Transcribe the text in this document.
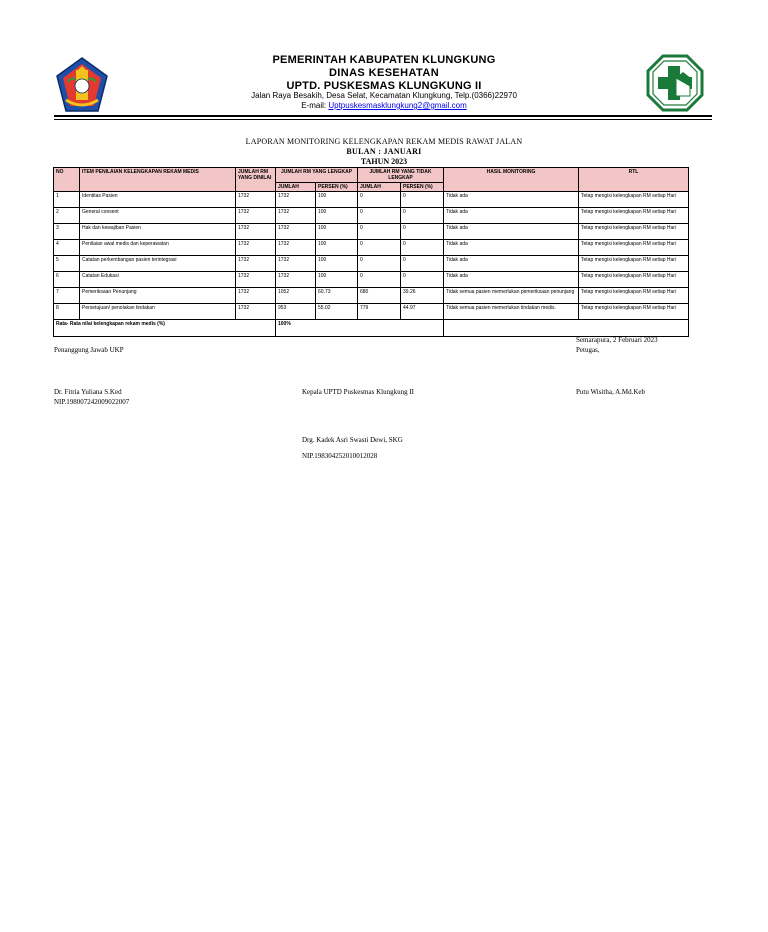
PEMERINTAH KABUPATEN KLUNGKUNG
DINAS KESEHATAN
UPTD. PUSKESMAS KLUNGKUNG II
Jalan Raya Besakih, Desa Selat, Kecamatan Klungkung, Telp.(0366)22970
E-mail: Uptpuskesmasklungkung2@gmail.com
LAPORAN MONITORING KELENGKAPAN REKAM MEDIS RAWAT JALAN
BULAN : JANUARI
TAHUN 2023
NO	ITEM PENILAIAN KELENGKAPAN REKAM MEDIS	JUMLAH RM YANG DINILAI	JUMLAH RM YANG LENGKAP		JUMLAH RM YANG TIDAK LENGKAP		HASIL MONITORING	RTL
			JUMLAH	PERSEN (%)	JUMLAH	PERSEN (%)		
1	Identitas Pasien	1732	1732	100	0	0	Tidak ada	Tetap mengisi kelengkapan RM setiap Hari
2	General consent	1732	1732	100	0	0	Tidak ada	Tetap mengisi kelengkapan RM setiap Hari
3	Hak dan kewajiban Pasien	1732	1732	100	0	0	Tidak ada	Tetap mengisi kelengkapan RM setiap Hari
4	Penilaian awal medis dan keperawatan	1732	1732	100	0	0	Tidak ada	Tetap mengisi kelengkapan RM setiap Hari
5	Catatan perkembangan pasien terintegrasi	1732	1732	100	0	0	Tidak ada	Tetap mengisi kelengkapan RM setiap Hari
6	Catatan Edukasi	1732	1732	100	0	0	Tidak ada	Tetap mengisi kelengkapan RM setiap Hari
7	Pemeriksaan Penunjang	1732	1052	60.73	680	39.26	Tidak semua pasien memerlukan pemeriksaan penunjang	Tetap mengisi kelengkapan RM setiap Hari
8	Persetujuan/ penolakan tindakan	1732	953	55.02	779	44.97	Tidak semua pasien memerlukan tindakan medis.	Tetap mengisi kelengkapan RM setiap Hari
Rata- Rata nilai kelengkapan rekam medis (%)			100%					
Penanggung Jawab UKP
Dr. Fitria Yuliana S.Ked
NIP.198007242009022007
Kepala UPTD Puskesmas Klungkung II
Drg. Kadek Asri Swasti Dewi, SKG
NIP.198304252010012028
Semarapura, 2 Februari 2023
Petugas,
Putu Wisitha, A.Md.Keb
